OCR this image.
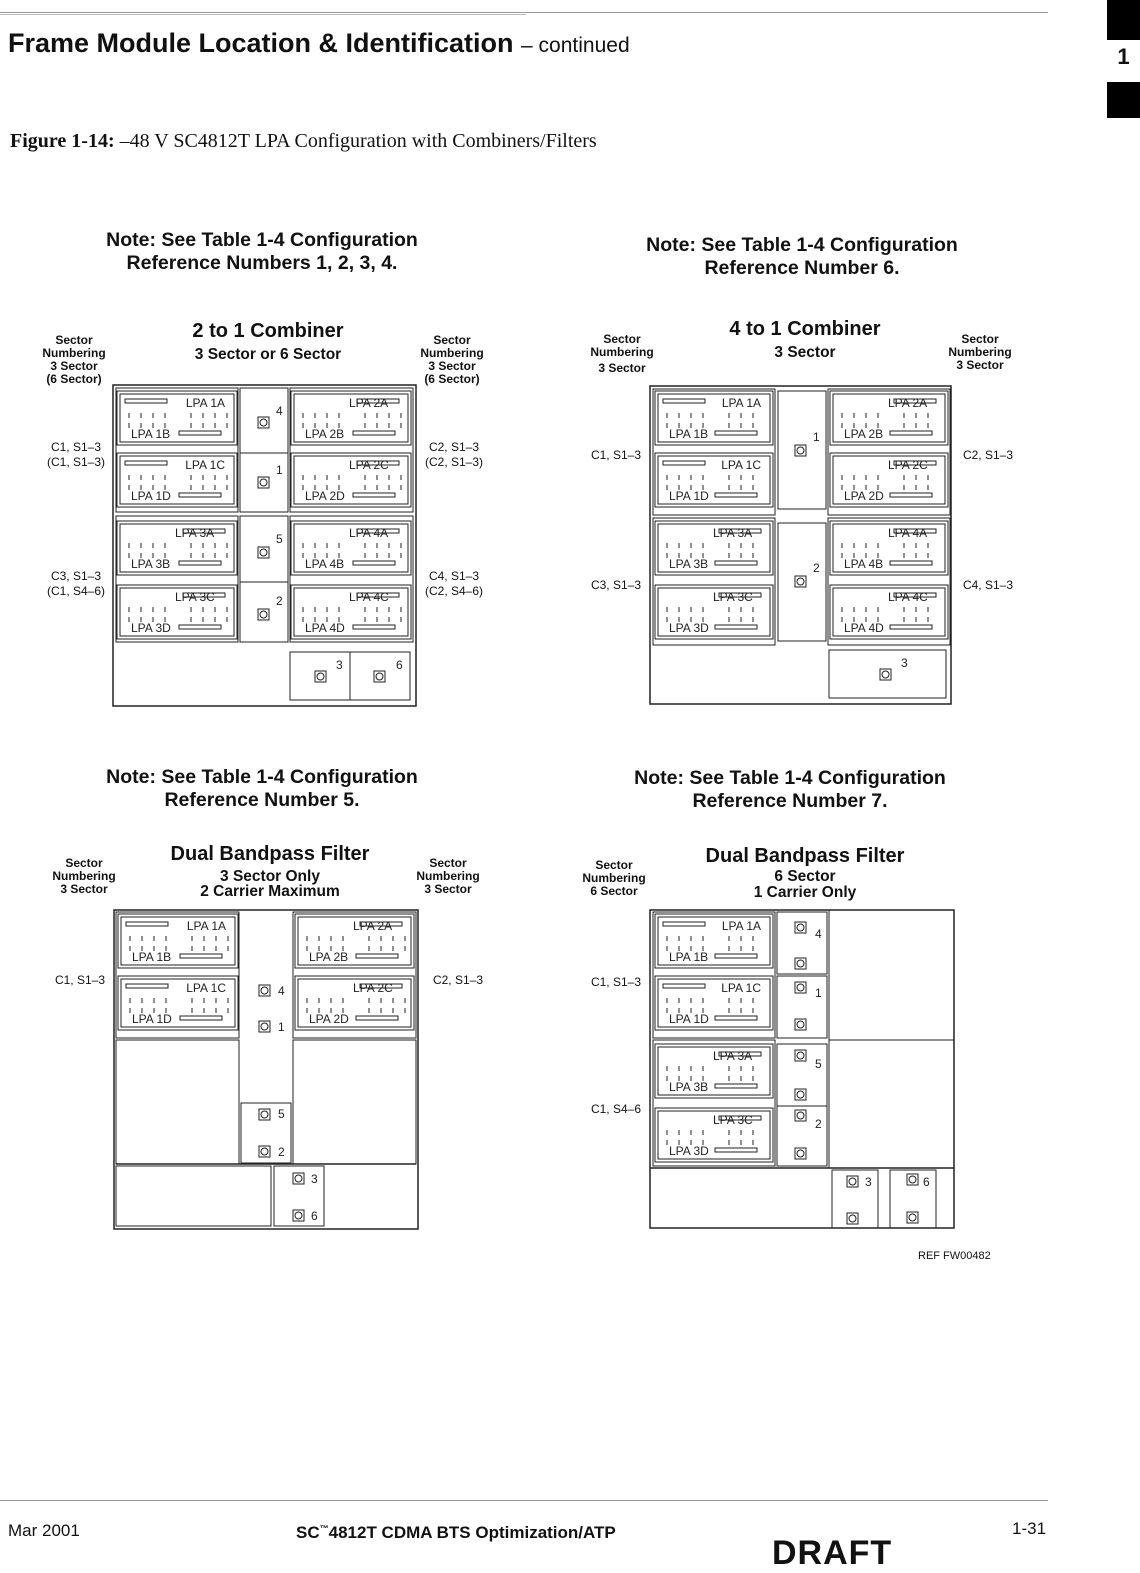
Frame Module Location & Identification – continued	1
Figure 1-14: –48 V SC4812T LPA Configuration with Combiners/Filters
Note: See Table 1-4 Configuration
Reference Numbers 1, 2, 3, 4.
2 to 1 Combiner
3 Sector or 6 Sector
Sector
Numbering
3 Sector
(6 Sector)
Sector
Numbering
3 Sector
(6 Sector)
C1, S1–3
(C1, S1–3)
C2, S1–3
(C2, S1–3)
C3, S1–3
(C1, S4–6)
C4, S1–3
(C2, S4–6)
LPA 1A
LPA 1B
LPA 1C
LPA 1D
LPA 2A
LPA 2B
LPA 2C
LPA 2D
LPA 3A
LPA 3B
LPA 3C
LPA 3D
LPA 4A
LPA 4B
LPA 4C
LPA 4D
4
1
5
2
3	6
Note: See Table 1-4 Configuration
Reference Number 6.
4 to 1 Combiner
3 Sector
Sector
Numbering
3 Sector
Sector
Numbering
3 Sector
C1, S1–3	C2, S1–3
C3, S1–3	C4, S1–3
LPA 1A
LPA 1B
LPA 1C
LPA 1D
LPA 2A
LPA 2B
LPA 2C
LPA 2D
LPA 3A
LPA 3B
LPA 3C
LPA 3D
LPA 4A
LPA 4B
LPA 4C
LPA 4D
1
2
3
Note: See Table 1-4 Configuration
Reference Number 5.
Dual Bandpass Filter
3 Sector Only
2 Carrier Maximum
Sector
Numbering
3 Sector
Sector
Numbering
3 Sector
C1, S1–3	C2, S1–3
LPA 1A
LPA 1B
LPA 1C
LPA 1D
LPA 2A
LPA 2B
LPA 2C
LPA 2D
4
1
5
2
3
6
Note: See Table 1-4 Configuration
Reference Number 7.
Dual Bandpass Filter
6 Sector
1 Carrier Only
Sector
Numbering
6 Sector
C1, S1–3
C1, S4–6
REF FW00482
LPA 1A
LPA 1B
LPA 1C
LPA 1D
LPA 3A
LPA 3B
LPA 3C
LPA 3D
4
1
5
2
3	6
Mar 2001	SC™4812T CDMA BTS Optimization/ATP	1-31
DRAFT
